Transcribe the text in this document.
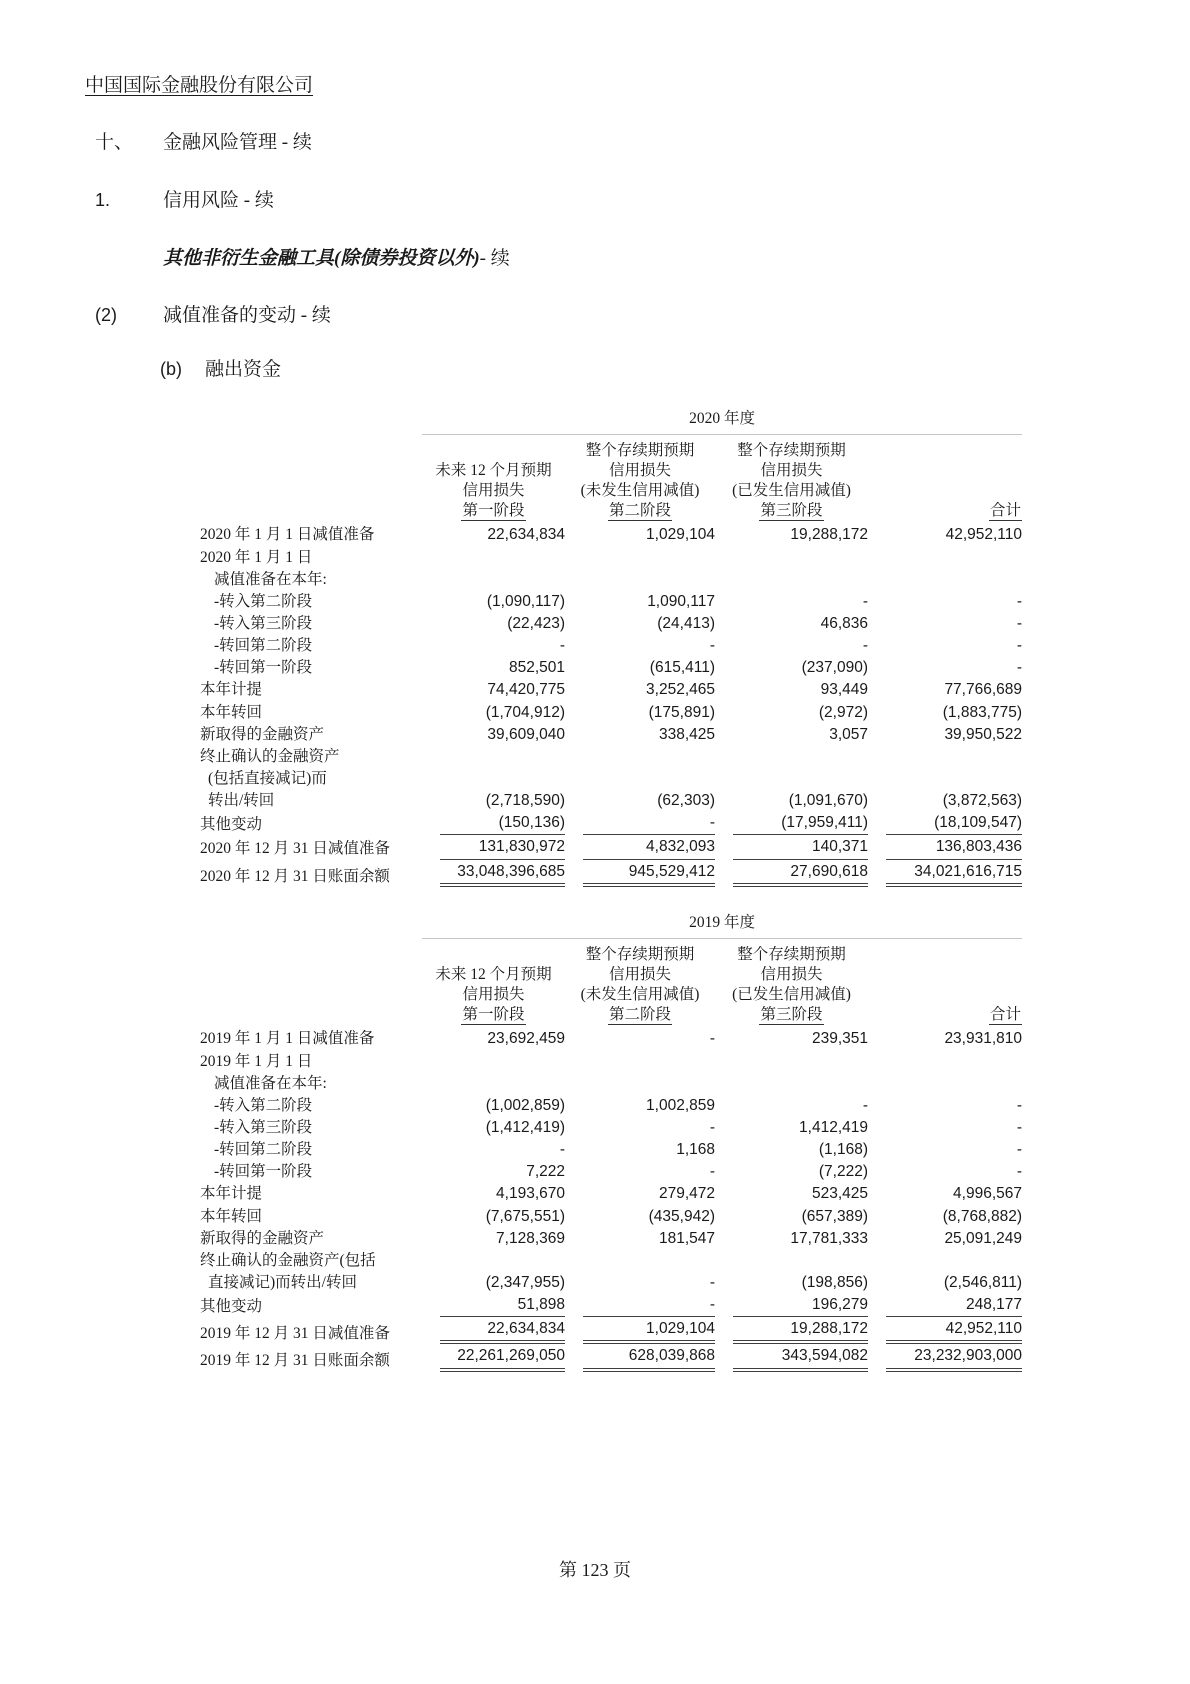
中国国际金融股份有限公司
十、	金融风险管理 - 续
1.	信用风险 - 续
其他非衍生金融工具(除债券投资以外) - 续
(2)	减值准备的变动 - 续
(b)	融出资金
	2020 年度			

未来 12 个月预期
信用损失
第一阶段

整个存续期预期
信用损失
(未发生信用减值)
第二阶段

整个存续期预期
信用损失
(已发生信用减值)
第三阶段	合计

2020 年 1 月 1 日减值准备	22,634,834	1,029,104	19,288,172	42,952,110

2020 年 1 月 1 日	

减值准备在本年:	

-转入第二阶段	(1,090,117)	1,090,117	-	-

-转入第三阶段	(22,423)	(24,413)	46,836	-

-转回第二阶段	-	-	-	-

-转回第一阶段	852,501	(615,411)	(237,090)	-

本年计提	74,420,775	3,252,465	93,449	77,766,689

本年转回	(1,704,912)	(175,891)	(2,972)	(1,883,775)

新取得的金融资产	39,609,040	338,425	3,057	39,950,522

终止确认的金融资产	

(包括直接减记)而	

转出/转回	(2,718,590)	(62,303)	(1,091,670)	(3,872,563)

其他变动	(150,136)	-	(17,959,411)	(18,109,547)

2020 年 12 月 31 日减值准备	131,830,972	4,832,093	140,371	136,803,436

2020 年 12 月 31 日账面余额	33,048,396,685	945,529,412	27,690,618	34,021,616,715
	2019 年度			

未来 12 个月预期
信用损失
第一阶段

整个存续期预期
信用损失
(未发生信用减值)
第二阶段

整个存续期预期
信用损失
(已发生信用减值)
第三阶段	合计

2019 年 1 月 1 日减值准备	23,692,459	-	239,351	23,931,810

2019 年 1 月 1 日	

减值准备在本年:	

-转入第二阶段	(1,002,859)	1,002,859	-	-

-转入第三阶段	(1,412,419)	-	1,412,419	-

-转回第二阶段	-	1,168	(1,168)	-

-转回第一阶段	7,222	-	(7,222)	-

本年计提	4,193,670	279,472	523,425	4,996,567

本年转回	(7,675,551)	(435,942)	(657,389)	(8,768,882)

新取得的金融资产	7,128,369	181,547	17,781,333	25,091,249

终止确认的金融资产(包括	

直接减记)而转出/转回	(2,347,955)	-	(198,856)	(2,546,811)

其他变动	51,898	-	196,279	248,177

2019 年 12 月 31 日减值准备	22,634,834	1,029,104	19,288,172	42,952,110

2019 年 12 月 31 日账面余额	22,261,269,050	628,039,868	343,594,082	23,232,903,000
第 123 页
